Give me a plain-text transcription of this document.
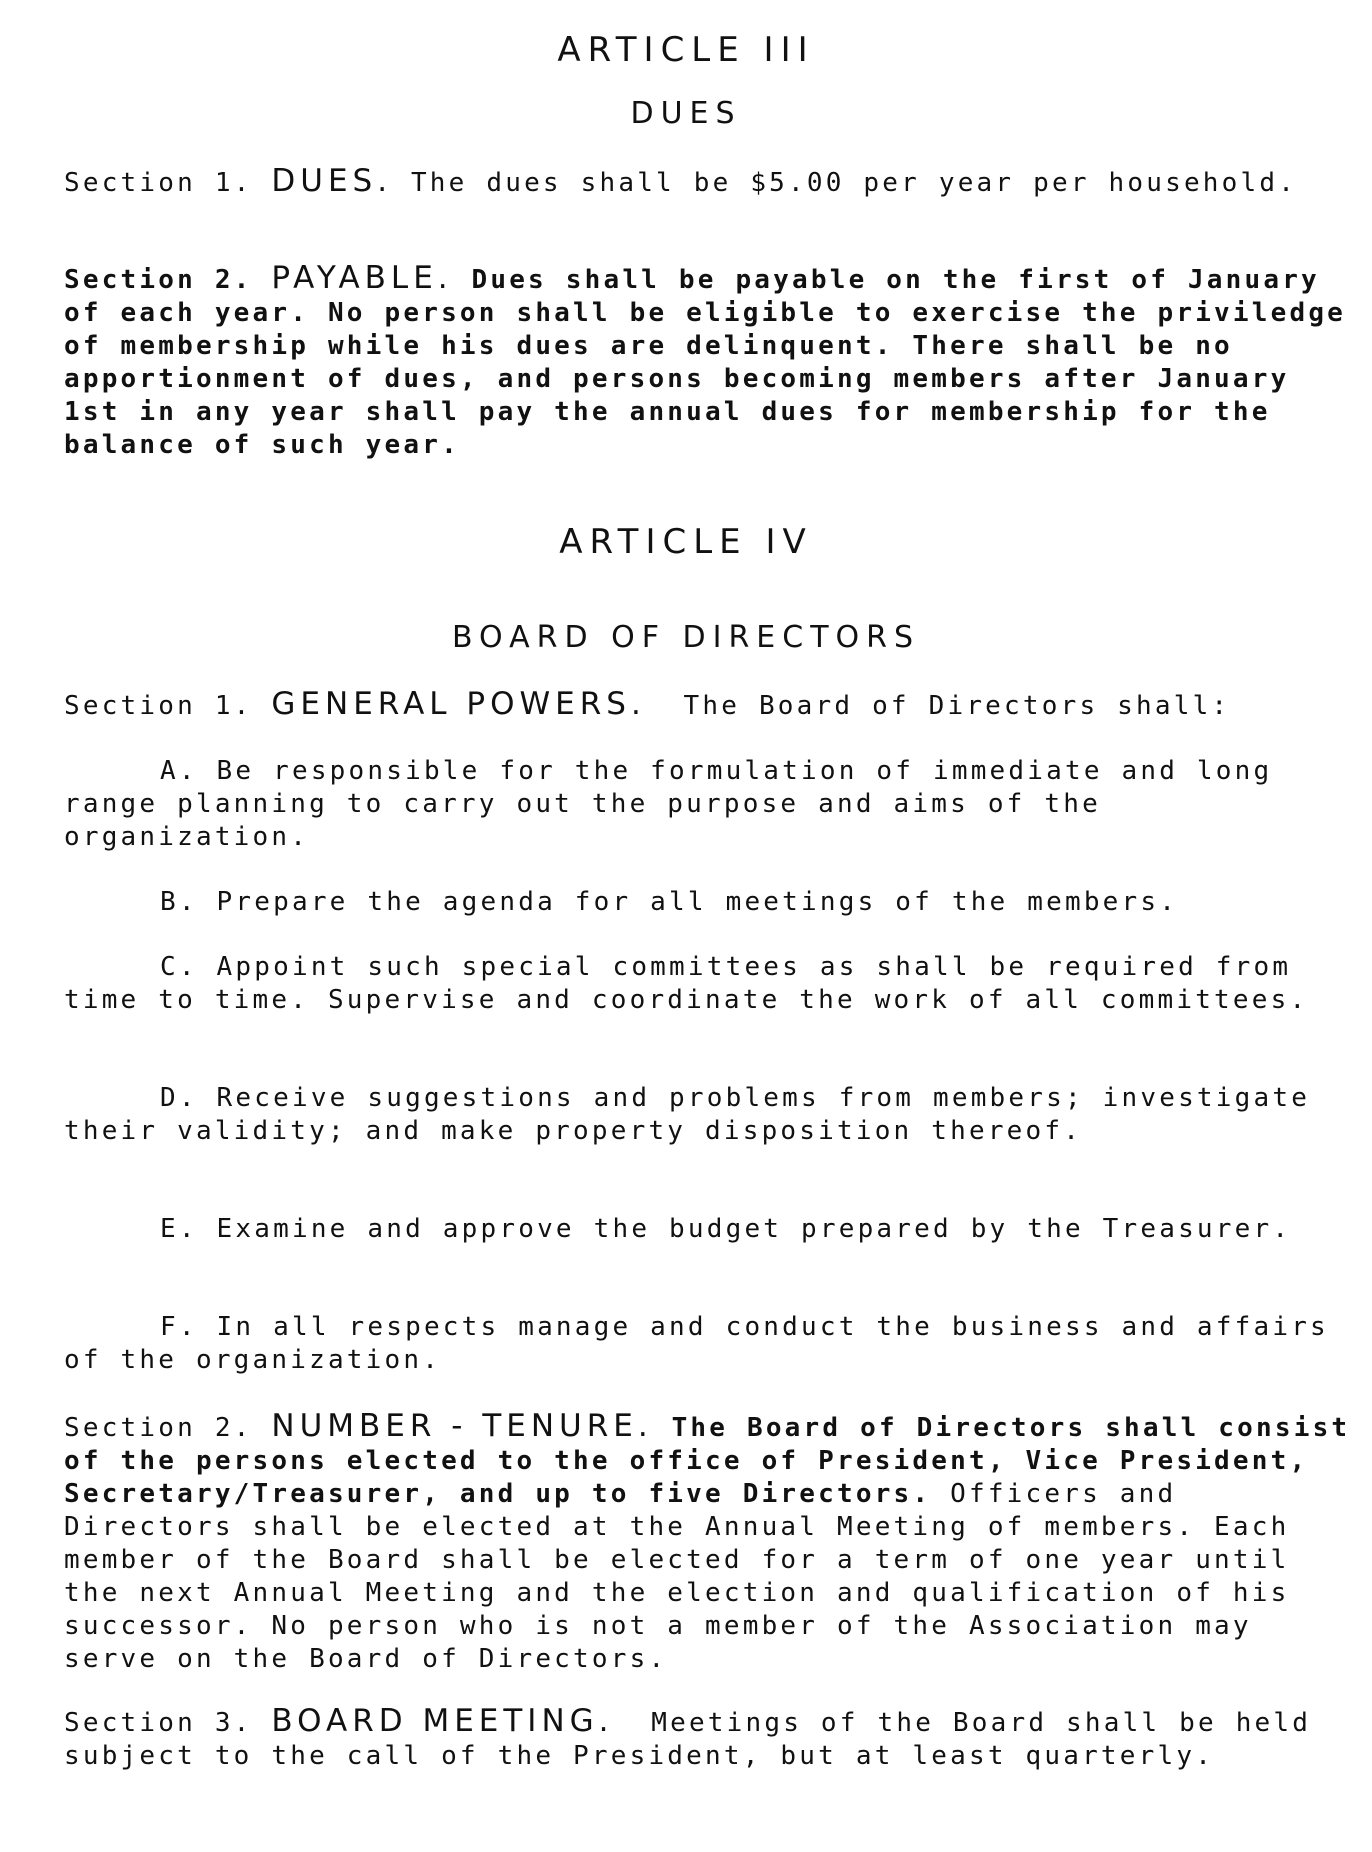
ARTICLE III
DUES

Section 1. DUES. The dues shall be $5.00 per year per household.

Section 2. PAYABLE. Dues shall be payable on the first of January of each year. No person shall be eligible to exercise the priviledge of membership while his dues are delinquent. There shall be no apportionment of dues, and persons becoming members after January 1st in any year shall pay the annual dues for membership for the balance of such year.

ARTICLE IV
BOARD OF DIRECTORS

Section 1. GENERAL POWERS. The Board of Directors shall:

A. Be responsible for the formulation of immediate and long range planning to carry out the purpose and aims of the organization.

B. Prepare the agenda for all meetings of the members.

C. Appoint such special committees as shall be required from time to time. Supervise and coordinate the work of all committees.

D. Receive suggestions and problems from members; investigate their validity; and make property disposition thereof.

E. Examine and approve the budget prepared by the Treasurer.

F. In all respects manage and conduct the business and affairs of the organization.

Section 2. NUMBER - TENURE. The Board of Directors shall consist of the persons elected to the office of President, Vice President, Secretary/Treasurer, and up to five Directors. Officers and Directors shall be elected at the Annual Meeting of members. Each member of the Board shall be elected for a term of one year until the next Annual Meeting and the election and qualification of his successor. No person who is not a member of the Association may serve on the Board of Directors.

Section 3. BOARD MEETING. Meetings of the Board shall be held subject to the call of the President, but at least quarterly.
